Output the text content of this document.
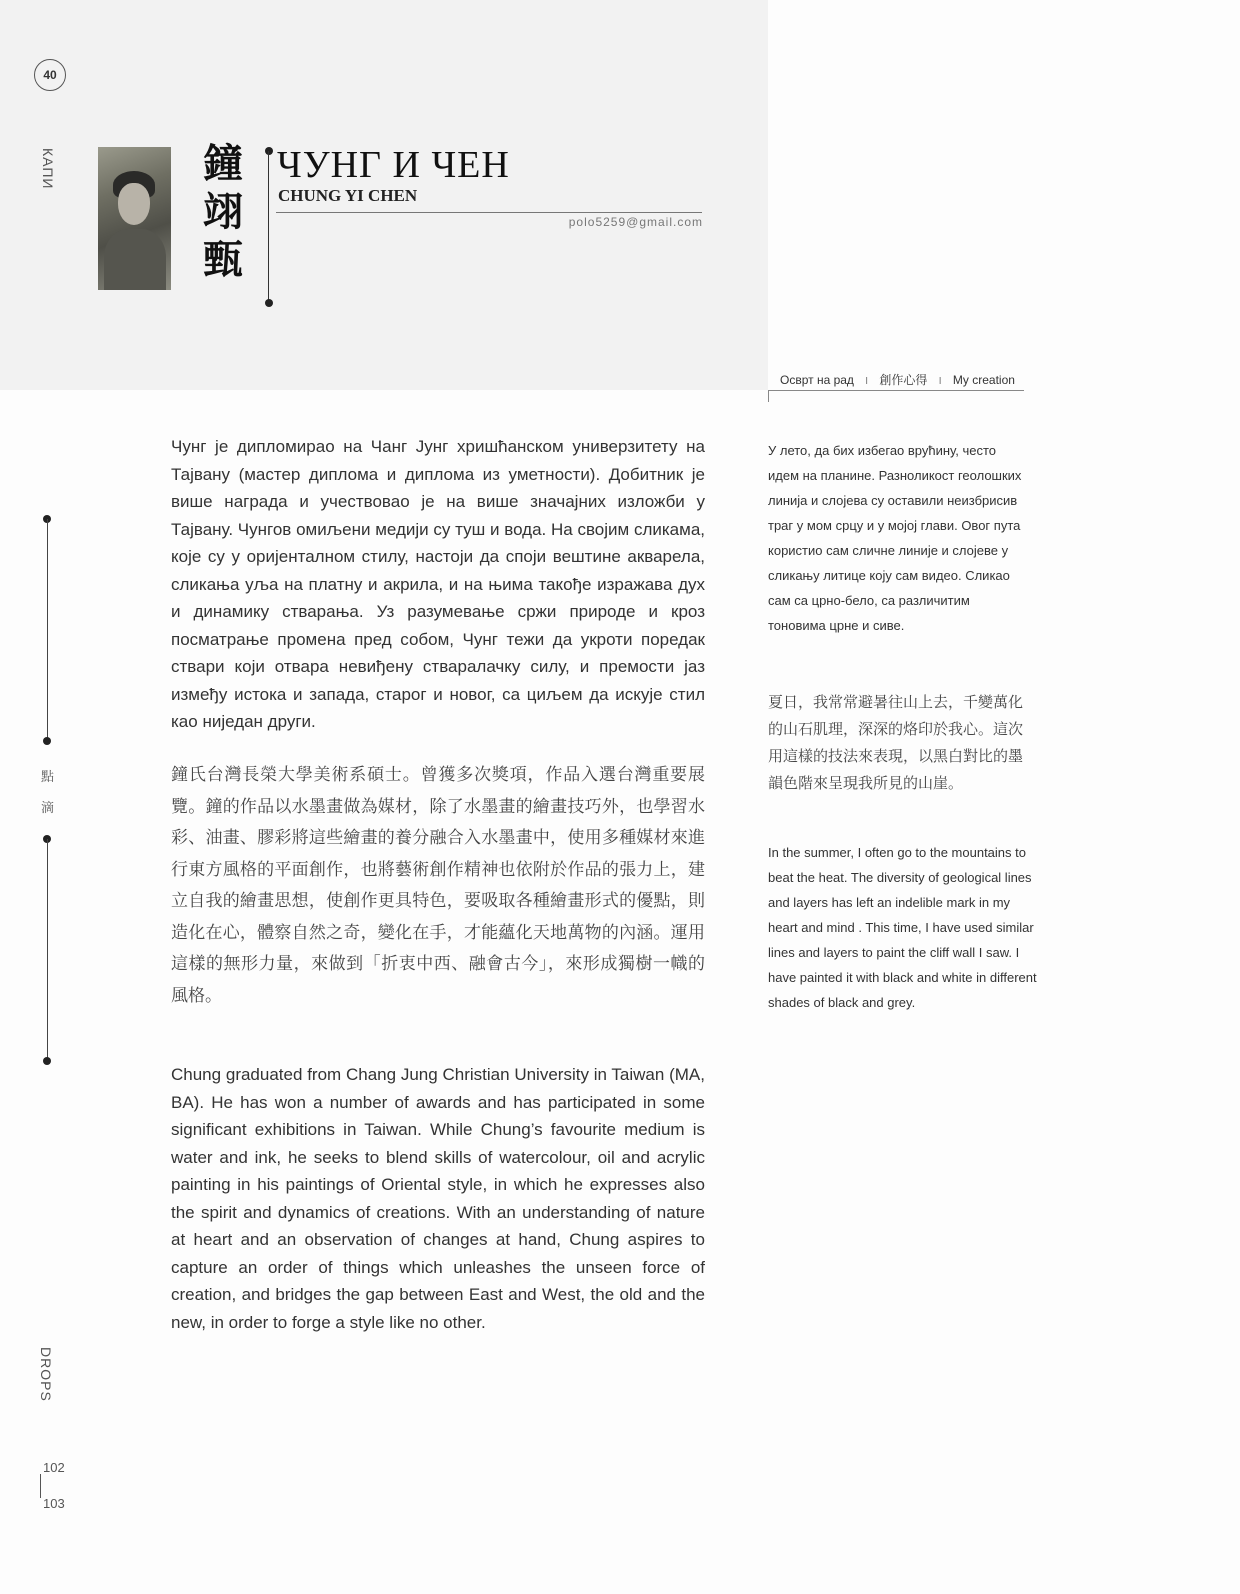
40
КАПИ	鐘翊甄
ЧУНГ И ЧЕН
CHUNG YI CHEN
polo5259@gmail.com
Осврт на рад I 創作心得 I My creation
Чунг је дипломирао на Чанг Јунг хришћанском универзитету на Тајвану (мастер диплома и диплома из уметности). Добитник је више награда и учествовао је на више значајних изложби у Тајвану. Чунгов омиљени медији су туш и вода. На својим сликама, које су у оријенталном стилу, настоји да споји вештине акварела, сликања уља на платну и акрила, и на њима такође изражава дух и динамику стварања. Уз разумевање сржи природе и кроз посматрање промена пред собом, Чунг тежи да укроти поредак ствари који отвара невиђену стваралачку силу, и премости јаз између истока и запада, старог и новог, са циљем да искује стил као ниједан други.
鐘氏台灣長榮大學美術系碩士。曾獲多次獎項，作品入選台灣重要展覽。鐘的作品以水墨畫做為媒材，除了水墨畫的繪畫技巧外，也學習水彩、油畫、膠彩將這些繪畫的養分融合入水墨畫中，使用多種媒材來進行東方風格的平面創作，也將藝術創作精神也依附於作品的張力上，建立自我的繪畫思想，使創作更具特色，要吸取各種繪畫形式的優點，則造化在心，體察自然之奇，變化在手，才能蘊化天地萬物的內涵。運用這樣的無形力量，來做到「折衷中西、融會古今」，來形成獨樹一幟的風格。
Chung graduated from Chang Jung Christian University in Taiwan (MA, BA). He has won a number of awards and has participated in some significant exhibitions in Taiwan. While Chung’s favourite medium is water and ink, he seeks to blend skills of watercolour, oil and acrylic painting in his paintings of Oriental style, in which he expresses also the spirit and dynamics of creations. With an understanding of nature at heart and an observation of changes at hand, Chung aspires to capture an order of things which unleashes the unseen force of creation, and bridges the gap between East and West, the old and the new, in order to forge a style like no other.
У лето, да бих избегао врућину, често идем на планине. Разноликост геолошких линија и слојева су оставили неизбрисив траг у мом срцу и у мојој глави. Овог пута користио сам сличне линије и слојеве у сликању литице коју сам видео. Сликао сам са црно-бело, са различитим тоновима црне и сиве.
夏日，我常常避暑往山上去，千變萬化的山石肌理，深深的烙印於我心。這次用這樣的技法來表現，以黑白對比的墨韻色階來呈現我所見的山崖。
In the summer, I often go to the mountains to beat the heat. The diversity of geological lines and layers has left an indelible mark in my heart and mind . This time, I have used similar lines and layers to paint the cliff wall I saw. I have painted it with black and white in different shades of black and grey.
點
滴
DROPS
102
103
